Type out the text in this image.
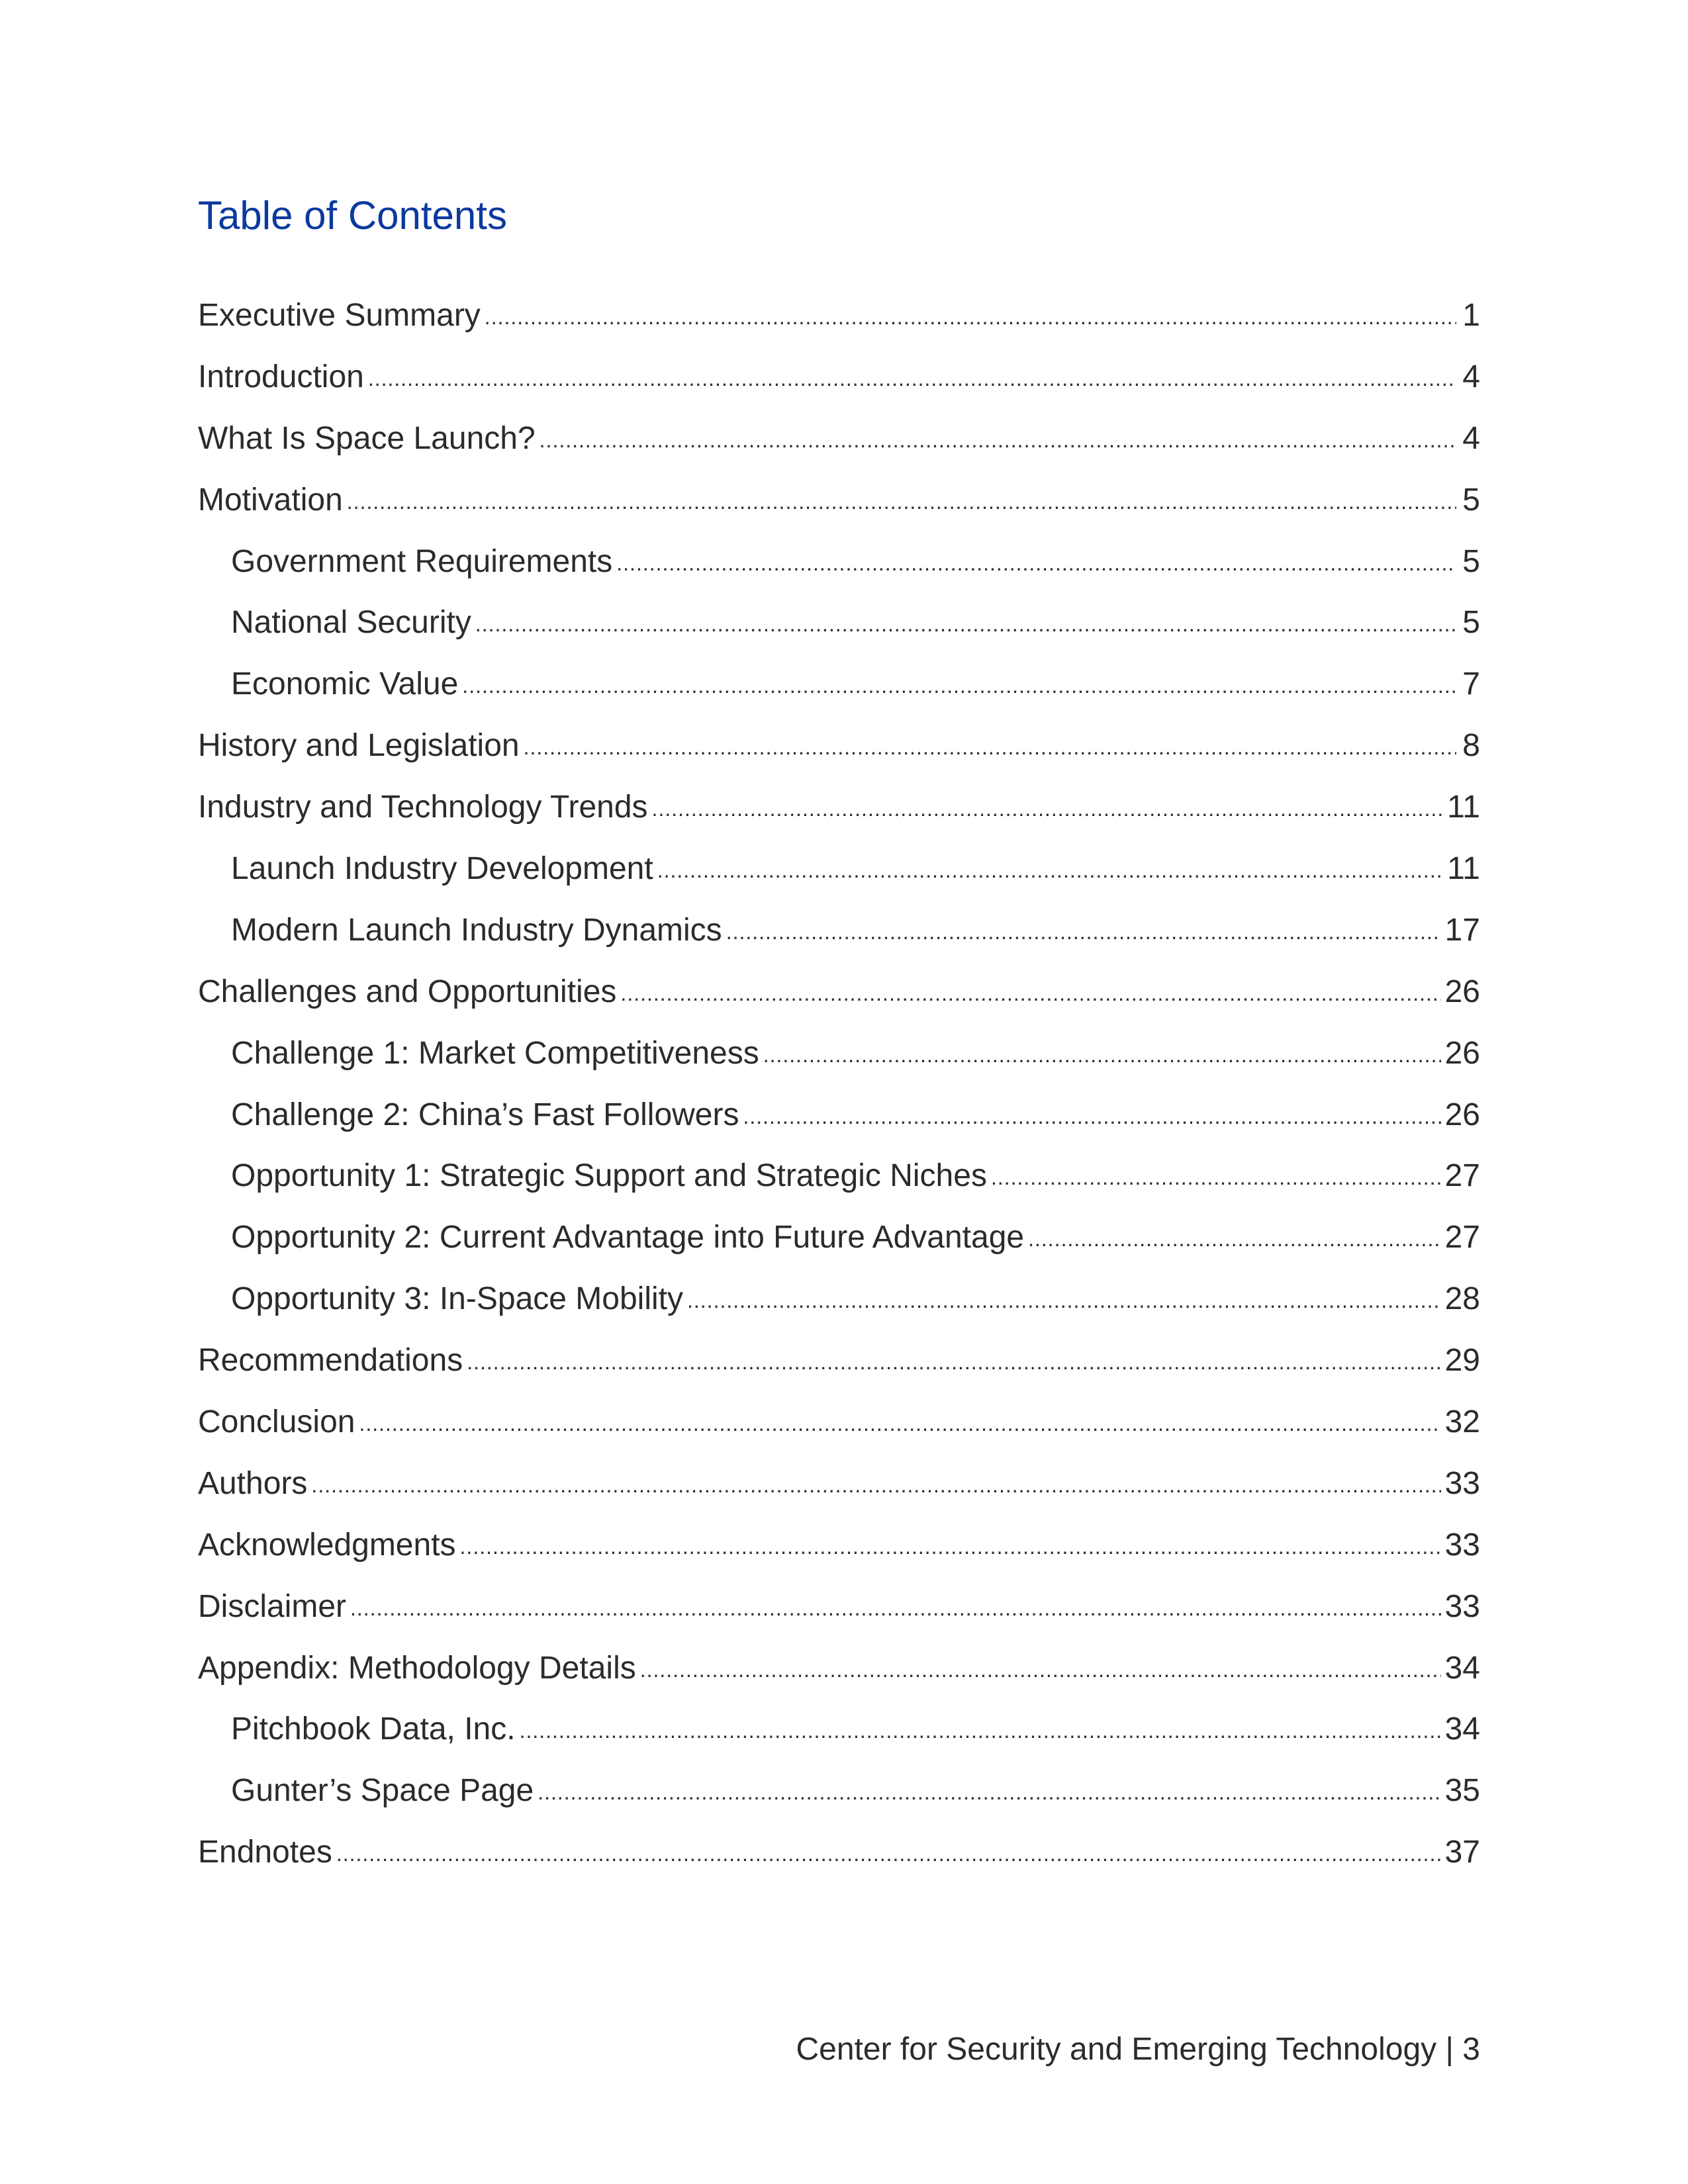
Table of Contents
Executive Summary .....	1
Introduction .....	4
What Is Space Launch? .....	4
Motivation .....	5
Government Requirements .....	5
National Security .....	5
Economic Value .....	7
History and Legislation .....	8
Industry and Technology Trends .....	11
Launch Industry Development .....	11
Modern Launch Industry Dynamics .....	17
Challenges and Opportunities .....	26
Challenge 1: Market Competitiveness .....	26
Challenge 2: China’s Fast Followers .....	26
Opportunity 1: Strategic Support and Strategic Niches .....	27
Opportunity 2: Current Advantage into Future Advantage .....	27
Opportunity 3: In-Space Mobility .....	28
Recommendations .....	29
Conclusion .....	32
Authors .....	33
Acknowledgments .....	33
Disclaimer .....	33
Appendix: Methodology Details .....	34
Pitchbook Data, Inc. .....	34
Gunter’s Space Page .....	35
Endnotes .....	37
Center for Security and Emerging Technology | 3
